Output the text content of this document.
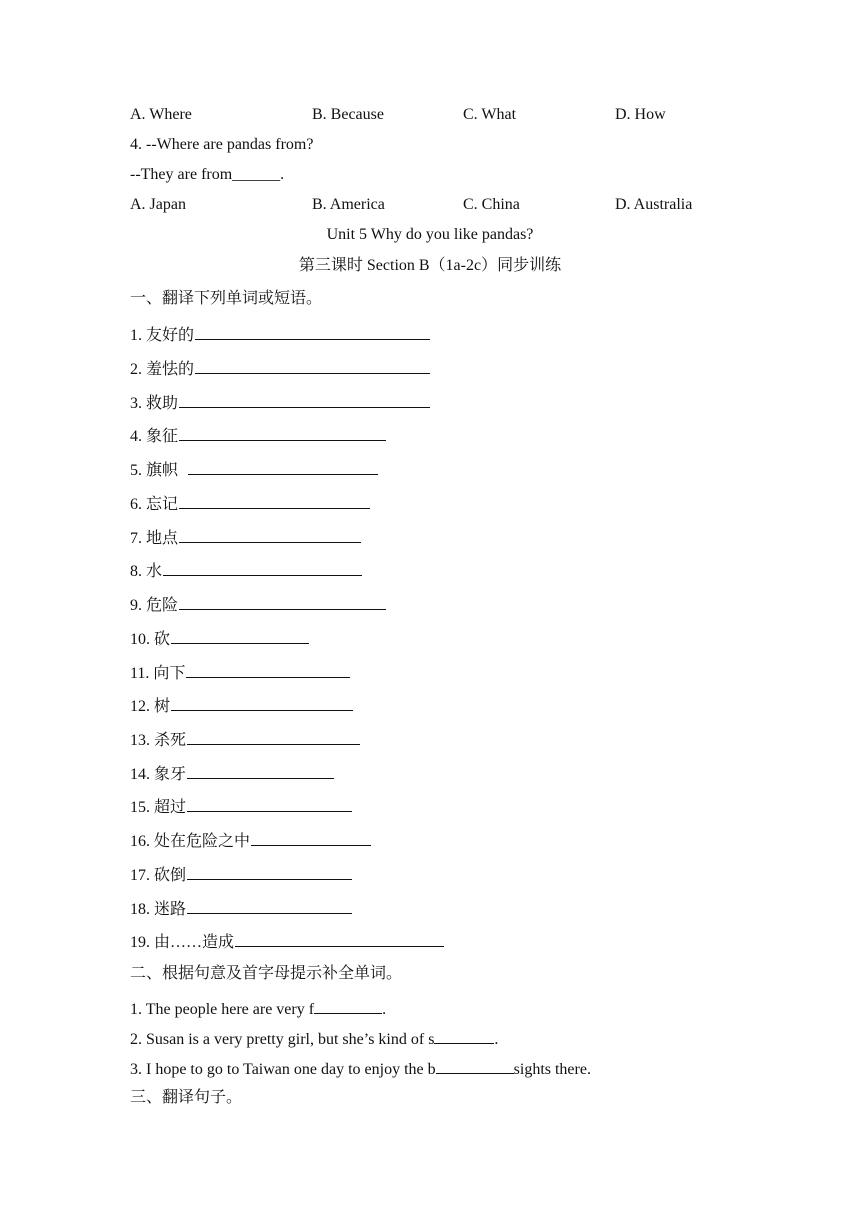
A. Where	B. Because	C. What	D. How
4. --Where are pandas from?
--They are from______.
A. Japan	B. America	C. China	D. Australia
Unit 5 Why do you like pandas?
第三课时 Section B（1a-2c）同步训练
一、翻译下列单词或短语。
1. 友好的
2. 羞怯的
3. 救助
4. 象征
5. 旗帜
6. 忘记
7. 地点
8. 水
9. 危险
10. 砍
11. 向下
12. 树
13. 杀死
14. 象牙
15. 超过
16. 处在危险之中
17. 砍倒
18. 迷路
19. 由……造成
二、根据句意及首字母提示补全单词。
1. The people here are very f	.
2. Susan is a very pretty girl, but she’s kind of s	.
3. I hope to go to Taiwan one day to enjoy the b	sights there.
三、翻译句子。
